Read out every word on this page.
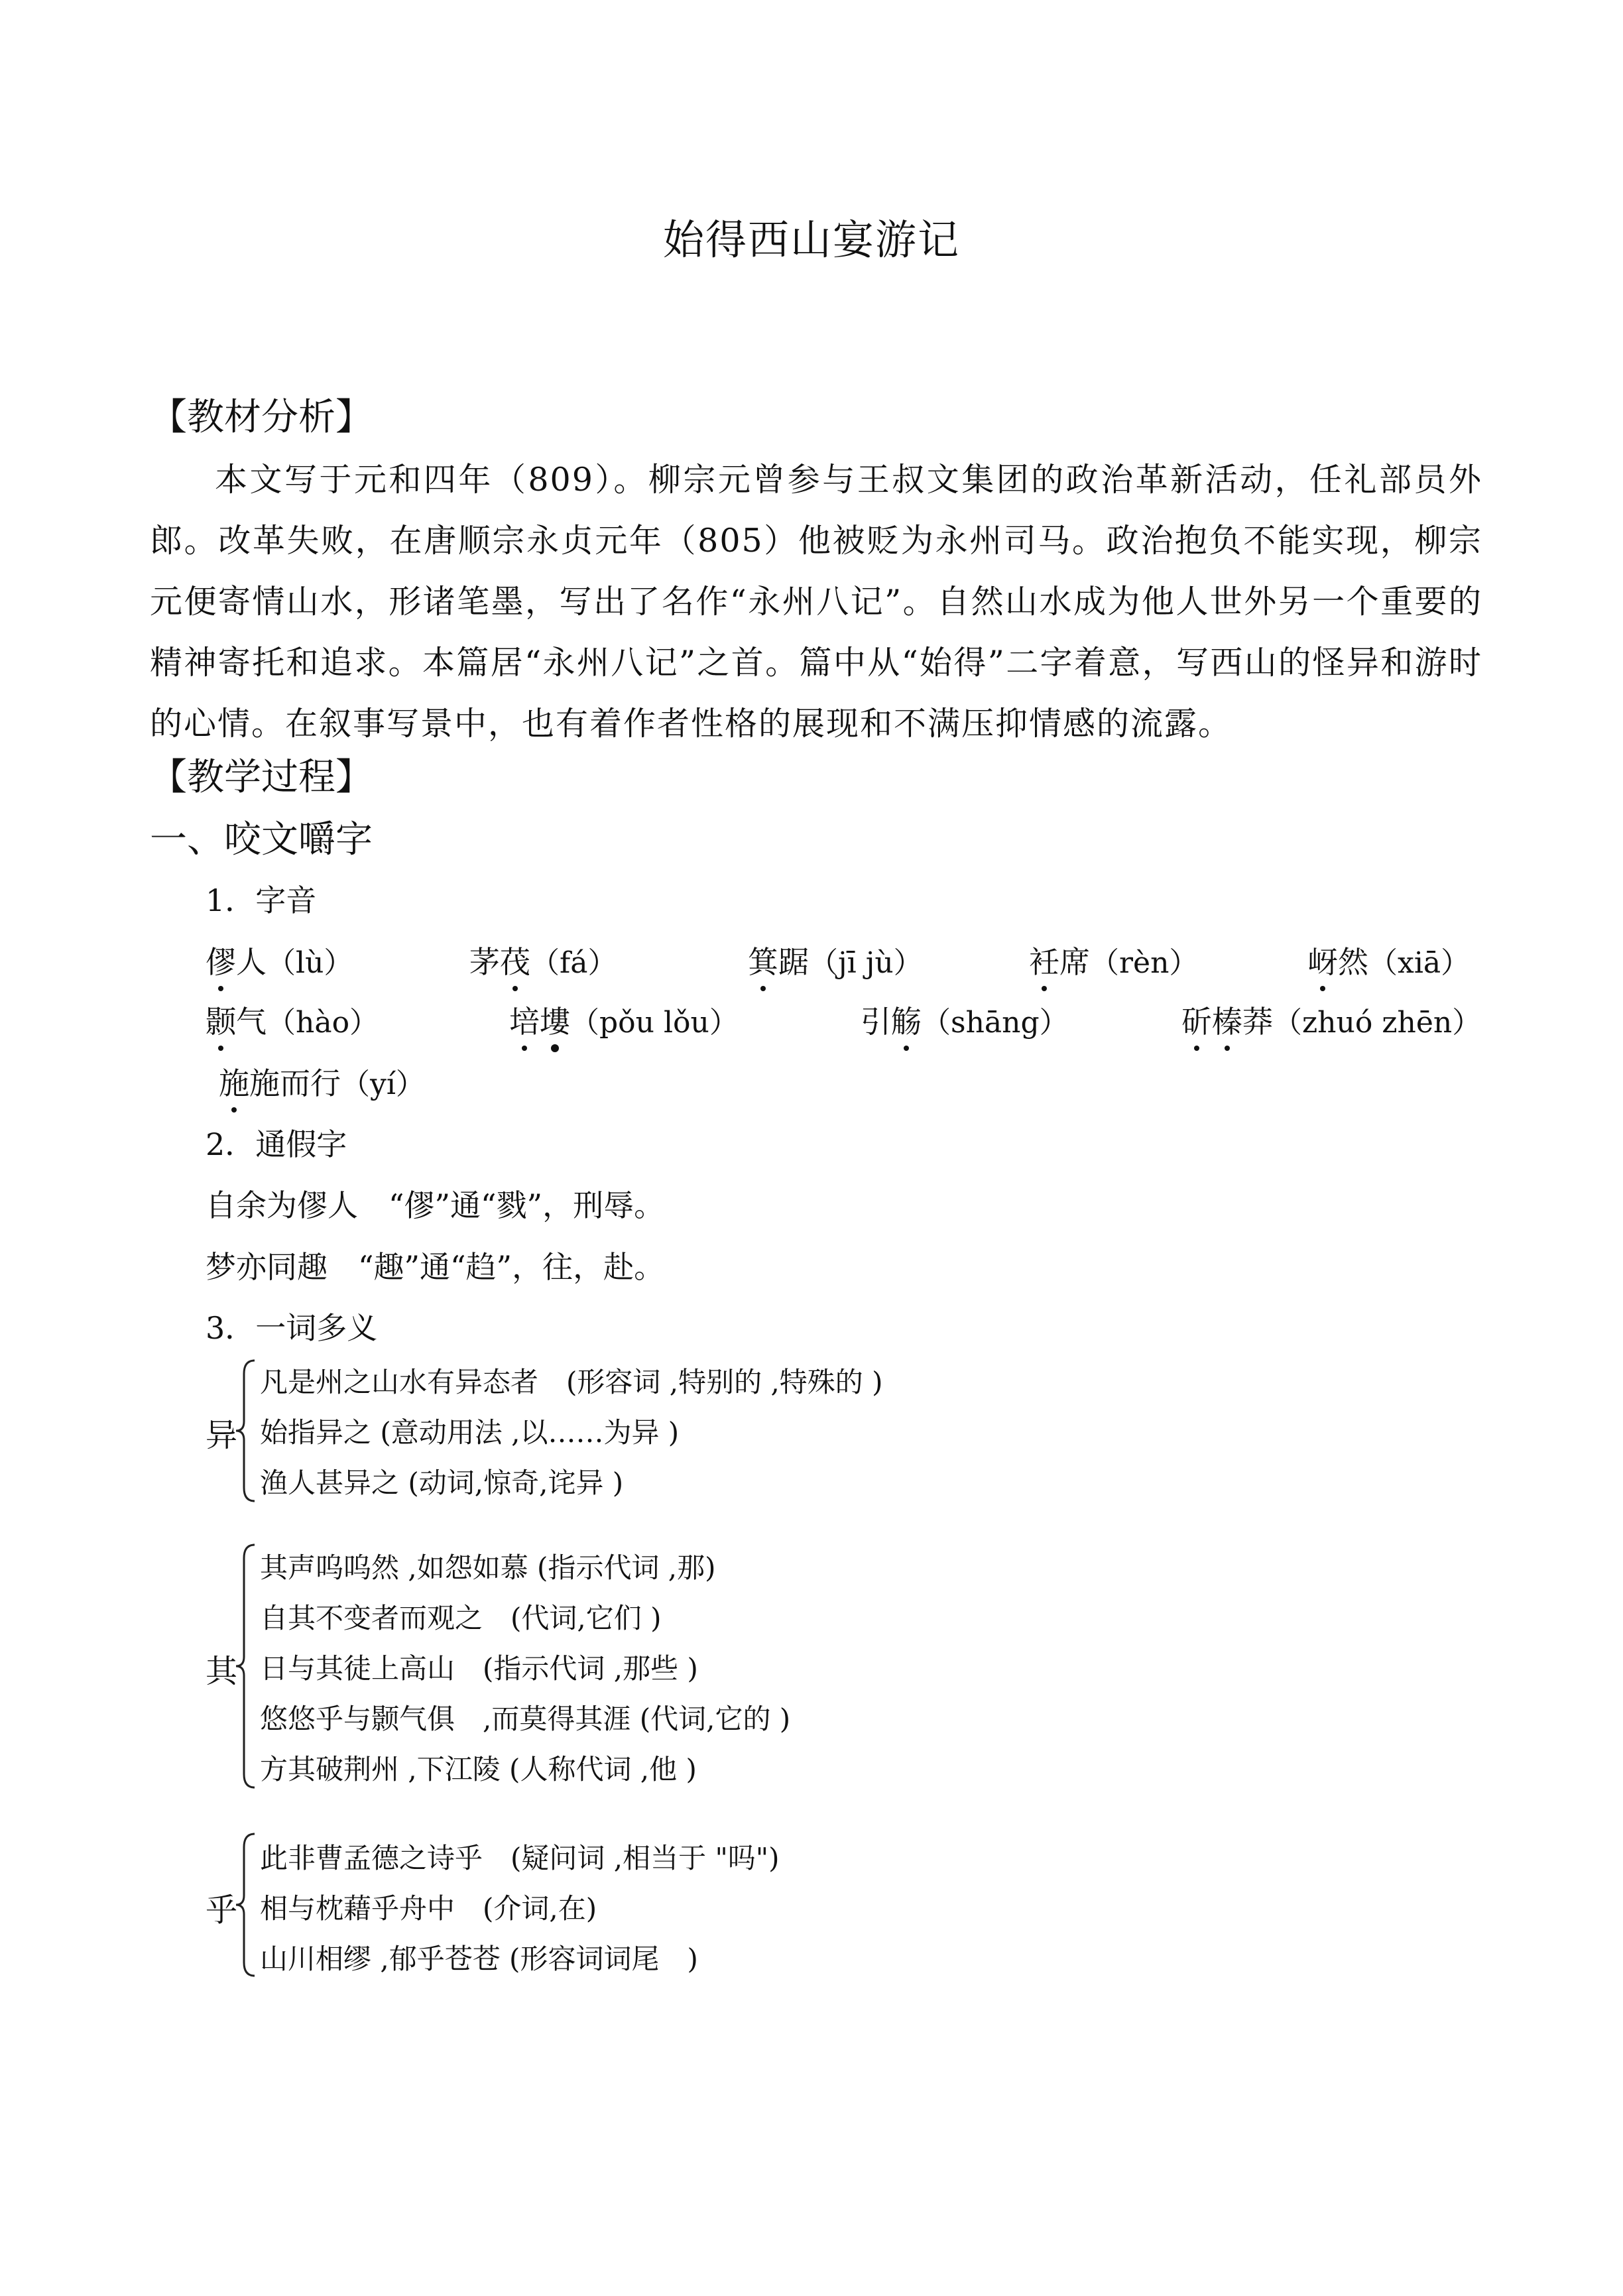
始得西山宴游记
【教材分析】

本文写于元和四年（809）。柳宗元曾参与王叔文集团的政治革新活动，任礼部员外郎。改革失败，在唐顺宗永贞元年（805）他被贬为永州司马。政治抱负不能实现，柳宗元便寄情山水，形诸笔墨，写出了名作“永州八记”。自然山水成为他人世外另一个重要的精神寄托和追求。本篇居“永州八记”之首。篇中从“始得”二字着意，写西山的怪异和游时的心情。在叙事写景中，也有着作者性格的展现和不满压抑情感的流露。

【教学过程】
一、咬文嚼字
1．字音
僇人（lù）	茅茷（fá）	箕踞（jī jù）	衽席（rèn）	岈然（xiā）
颢气（hào）	培塿（pǒu lǒu）	引觞（shāng）	斫榛莽（zhuó zhēn）
施施而行（yí）
2．通假字
自余为僇人　“僇”通“戮”，刑辱。
梦亦同趣　“趣”通“趋”，往，赴。
3．一词多义
异
凡是州之山水有异态者　(形容词 ,特别的 ,特殊的 )
始指异之 (意动用法 ,以……为异 )
渔人甚异之 (动词,惊奇,诧异 )
其
其声呜呜然 ,如怨如慕 (指示代词 ,那)
自其不变者而观之　(代词,它们 )
日与其徒上高山　(指示代词 ,那些 )
悠悠乎与颢气俱　,而莫得其涯 (代词,它的 )
方其破荆州 ,下江陵 (人称代词 ,他 )
乎
此非曹孟德之诗乎　(疑问词 ,相当于 "吗")
相与枕藉乎舟中　(介词,在)
山川相缪 ,郁乎苍苍 (形容词词尾　)
